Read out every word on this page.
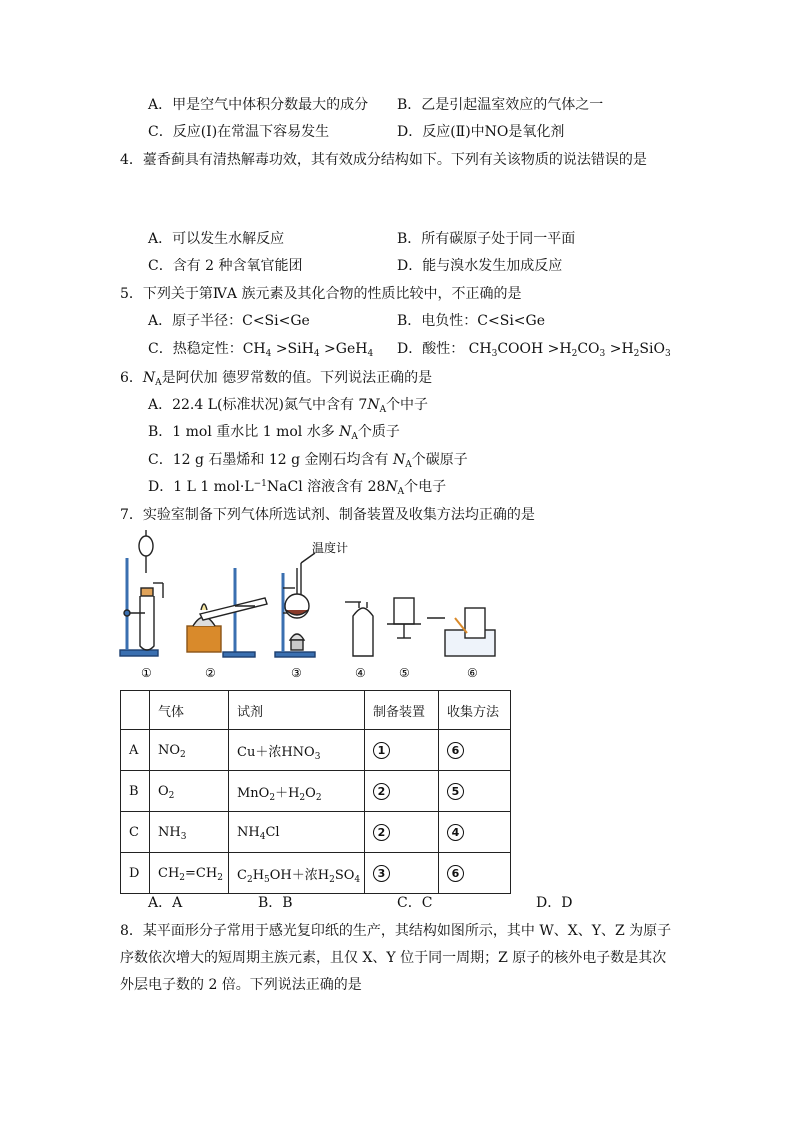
A．甲是空气中体积分数最大的成分 B．乙是引起温室效应的气体之一
C．反应(Ⅰ)在常温下容易发生	D．反应(Ⅱ)中NO是氧化剂
4．薹香蓟具有清热解毒功效，其有效成分结构如下。下列有关该物质的说法错误的是
A．可以发生水解反应	B．所有碳原子处于同一平面
C．含有 2 种含氧官能团	D．能与溴水发生加成反应
5．下列关于第ⅣA 族元素及其化合物的性质比较中，不正确的是
A．原子半径：C<Si<Ge	B．电负性：C<Si<Ge
C．热稳定性：$CH_4 >SiH_4 >GeH_4$ D．酸性： $CH_3COOH >H_2CO_3 >H_2SiO_3$
6．$N_A$是阿伏加 德罗常数的值。下列说法正确的是
A．22.4 L(标准状况)氮气中含有 $7N_A$个中子
B．1 mol 重水比 1 mol 水多 $N_A$个质子
C．12 g 石墨烯和 12 g 金刚石均含有 $N_A$个碳原子
D．1 L 1 $mol\cdot L^{-1}NaCl$ 溶液含有 $28N_A$个电子
7．实验室制备下列气体所选试剂、制备装置及收集方法均正确的是
温度计
①	②	③	④	⑤	⑥
	气体	试剂	制备装置	收集方法
A	$NO_2$	Cu＋浓$HNO_3$	1	6
B	$O_2$	$MnO_2+H_2O_2$	2	5
C	$NH_3$	$NH_4Cl$	2	4
D	$CH_2=CH_2$	$C_2H_5OH+$浓$H_2SO_4$	3	6
A．A	B．B	C．C	D．D
8．某平面形分子常用于感光复印纸的生产，其结构如图所示，其中 W、X、Y、Z 为原子
序数依次增大的短周期主族元素，且仅 X、Y 位于同一周期；Z 原子的核外电子数是其次
外层电子数的 2 倍。下列说法正确的是
